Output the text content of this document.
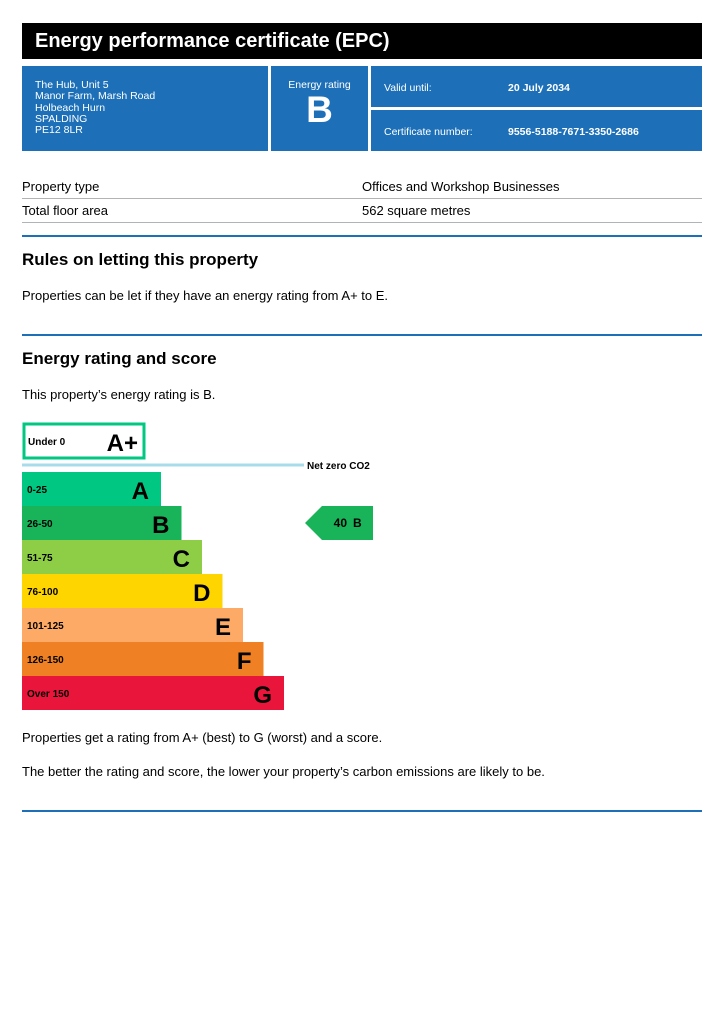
Energy performance certificate (EPC)
The Hub, Unit 5
Manor Farm, Marsh Road
Holbeach Hurn
SPALDING
PE12 8LR
Energy rating
B
Valid until:	20 July 2034
Certificate number:	9556-5188-7671-3350-2686
Property type	Offices and Workshop Businesses
Total floor area	562 square metres
Rules on letting this property

Properties can be let if they have an energy rating from A+ to E.

Energy rating and score

This property’s energy rating is B.

Under 0 A+
Net zero CO2
0-25	A
26-50	B
51-75	C
76-100	D
101-125	E
126-150	F
Over 150	G
40 B

Properties get a rating from A+ (best) to G (worst) and a score.

The better the rating and score, the lower your property’s carbon emissions are likely to be.
